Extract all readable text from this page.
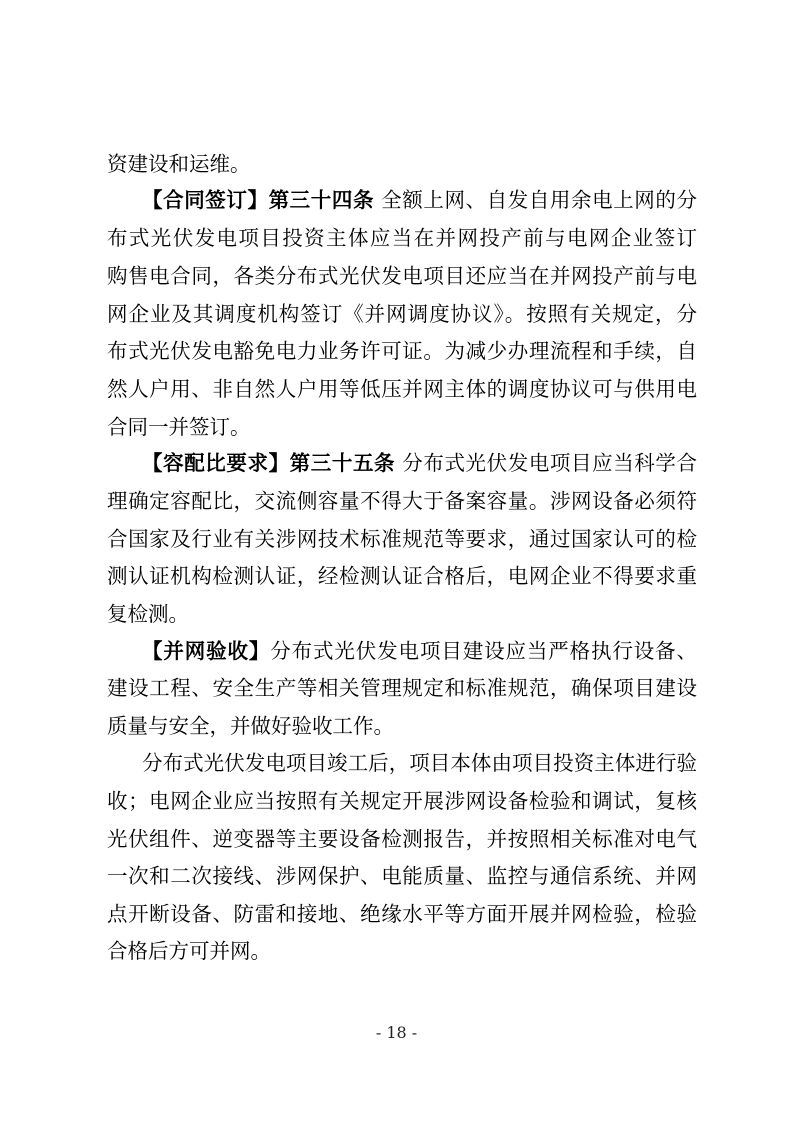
资建设和运维。

【合同签订】第三十四条 全额上网、自发自用余电上网的分

布式光伏发电项目投资主体应当在并网投产前与电网企业签订

购售电合同，各类分布式光伏发电项目还应当在并网投产前与电

网企业及其调度机构签订《并网调度协议》。按照有关规定，分

布式光伏发电豁免电力业务许可证。为减少办理流程和手续，自

然人户用、非自然人户用等低压并网主体的调度协议可与供用电

合同一并签订。

【容配比要求】第三十五条 分布式光伏发电项目应当科学合

理确定容配比，交流侧容量不得大于备案容量。涉网设备必须符

合国家及行业有关涉网技术标准规范等要求，通过国家认可的检

测认证机构检测认证，经检测认证合格后，电网企业不得要求重

复检测。

【并网验收】分布式光伏发电项目建设应当严格执行设备、

建设工程、安全生产等相关管理规定和标准规范，确保项目建设

质量与安全，并做好验收工作。

分布式光伏发电项目竣工后，项目本体由项目投资主体进行验

收；电网企业应当按照有关规定开展涉网设备检验和调试，复核

光伏组件、逆变器等主要设备检测报告，并按照相关标准对电气

一次和二次接线、涉网保护、电能质量、监控与通信系统、并网

点开断设备、防雷和接地、绝缘水平等方面开展并网检验，检验

合格后方可并网。

- 18 -
